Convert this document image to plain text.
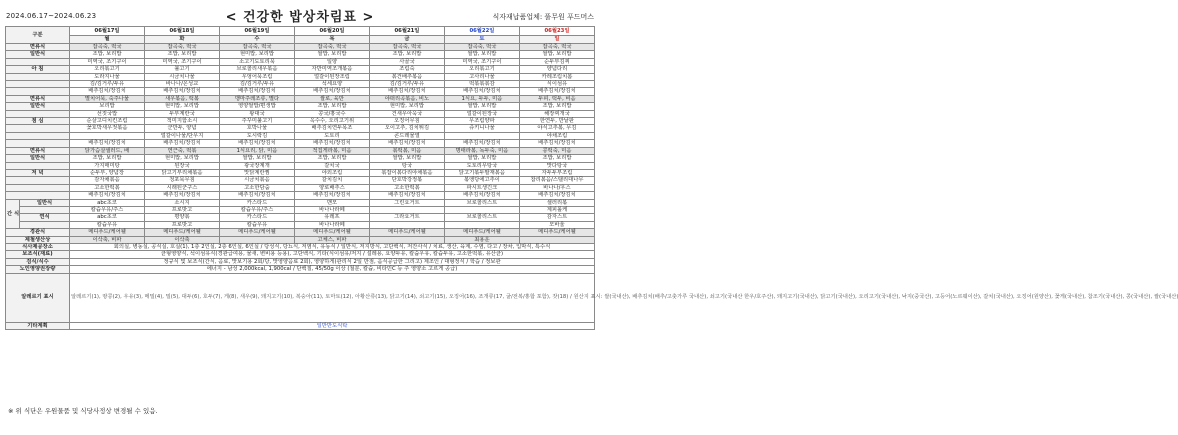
2024.06.17~2024.06.23	< 건강한 밥상차림표 >	식자재납품업체: 풀무원 푸드머스
구분		06월17일	06월18일	06월19일	06월20일	06월21일	06월22일	06월23일
		월	화	수	목	금	토	일
면류식		잡곡죽, 떡국	잡곡죽, 떡국	잡곡죽, 떡국	잡곡죽, 떡국	잡곡죽, 떡국	잡곡죽, 떡국	잡곡죽, 떡국
일반식		조밥, 보리밥	조밥, 보리밥	현미밥, 보리밥	쌀밥, 보리밥	조밥, 보리밥	쌀밥, 보리밥	쌀밥, 보리밥
		미역국, 조기구이	미역국, 조기구이	소고기도토리묵	일양	사골국	미역국, 조기구이	순두부김찌
아 침		오리볶고기	불고기	브로콜리새우볶음	자반미역조개볶음	조림숙	오리볶고기	양념다리
		도라지나물	시금치나물	우엉어묵조림	얼갈이된장조림	볶건배추볶음	고사리나물	카레조림치봄
		김/김거루/두유	바나나/온성교	김/김거루/두유	석세요양	김/김거루/두유	떡볶볶볶감	식이섬유
		배추김치/장김치	배추김치/장김치	배추김치/장김치	배추김치/장김치	배추김치/장김치	배추김치/장김치	배추김치/장김치
면류식		멸치어묵, 숙주나물	새우볶음, 떡볶	맹마주레조류, 멸다	쌀로, 육만	야떠리곡볶음, 비노	1식요, 두두, 미음	두피, 떡두, 비음
일반식		보리밥	현미밥, 보리밥	영양쌀밥/편생밥	조밥, 보리밥	현미밥, 보리밥	쌀밥, 보리밥	조밥, 보리밥
		선짓국밥	두부계란국	왕대국	콩국/홍국수	건새우아욱국	얼갈이된장국	해장찌개국
점 심		순살고디치킨조림	적미지함소시	주꾸미불고기	옥수수, 오리고기위	오징어무침	무조림양파	한연두, 만낱판
		꽃호박새우젓볶음	군만두, 양념	호박나물	배추김치연두목조	오이고추, 김치튀김	쥬키니나물	야식고추볶, 무김
			얼갈이나물/단무지	도시락김	도토리	콘드레물열		야채조림
		배추김치/장김치	배추김치/장김치	배추김치/장김치	배추김치/장김치	배추김치/장김치	배추김치/장김치	배추김치/장김치
면류식		닭가슴살샐러드, 배	연근죽, 떡볶	1식요리, 닭, 미음	적집게라볶, 미음	볶떡볶, 미음	명태라볶, 녹두죽, 미음	콩떡죽, 미음
일반식		조밥, 보리밥	현미밥, 보리밥	쌀밥, 보리밥	조밥, 보리밥	쌀밥, 보리밥	쌀밥, 보리밥	조밥, 보리밥
		가지매미탕	된장국	광국장계개	갈치국	탕국	도토리무탕국	맛다탕국
저 녁		순두부, 양념장	닭고기부리채볶음	맛닭계란찜	야외조림	볶잡이볶다리야채볶음	닭고기볶두팔재볶음	자두두부조림
		감자채볶음	청포묵무침	시금치볶음	갈치김치	단호박강정볶	볶앵당에고추이	찹리볶음/스탤리대나무
		고소한떡볶	시래된군구스	고소한담숨	양로배추스	고소한떡볶	파시트생긴크	바나나/우스
		배추김치/장김치	배추김치/장김치	배추김치/장김치	배추김치/장김치	배추김치/장김치	배추김치/장김치	배추김치/장김치
간 식	일반식	abc초코	소시지	카스타드	맨모	그린요거트	브로콜리스트	샐러리볶
		칼슘우유/주스	프로밧고	칼슘우유/주스	바나나라떼			계피롤케
	연식	abc초코	평양볶	카스타드	유레프	그라요거트	브로콜리스트	감자스트
		칼슘우유	프로밧고	칼슘우유	바나나라떼			모바울
경관식		메디푸드/케어웰	메디푸드/케어웰	메디푸드/케어웰	메디푸드/케어웰	메디푸드/케어웰	메디푸드/케어웰	메디푸드/케어웰
제철생산상		이삭축, 비파	이삭축		고체스, 비파		최용운	
식사제공장소		회의실, 병동실, 공식실, 호실(1), 1층 2인실, 2층 6인실, 6인실 / 당성식, 당뇨식, 저염식, 유동식 / 일반식, 저지방식, 고단백식, 저잔사식 / 치료, 생산, 육계, 수염, 다고 / 장차, 입막식, 특수식						
보조식(재료)		균형영양식, 석이섬유식(경관급여용, 물새, 변비용 등용), 고단백식, 기타(식이섬유/저지 / 설레용, 요양두유, 칼슘우유, 칼슘두유, 고소한떡볶, 유산균)						
검식/식수		정규식 및 보조식(간식, 음료, 맛보기용 2회/당, 맛영양음료 2회), 영양하게(관리식 2일 만점, 음식공급한 그리고) 제조인 / 대형정식 / 학습 / 정보관						
노인영양권장량		에너지 - 남성 2,000kcal, 1,900cal / 단백질, 45/50g 이상 (철분, 칼슘, 비타민C 등 주 영양소 고르게 공급)						
알레르기 표시		알레르기(1), 땅콩(2), 우유(3), 메밀(4), 밀(5), 대두(6), 호두(7), 게(8), 새우(9), 돼지고기(10), 복숭아(11), 토마토(12), 아황산류(13), 닭고기(14), 쇠고기(15), 오징어(16), 조개류(17, 굴/전복/홍합 포함), 잣(18) / 원산지 표시: 쌀(국내산), 배추김치(배추/고춧가루 국내산), 쇠고기(국내산 한우/호주산), 돼지고기(국내산), 닭고기(국내산), 오리고기(국내산), 낙지(중국산), 고등어(노르웨이산), 갈치(국내산), 오징어(원양산), 꽃게(국내산), 참조기(국내산), 콩(국내산), 쌀(국내산)						
기타계획		일반반도식탁						
※ 위 식단은 우원물품 및 식당사정상 변경될 수 있음.
